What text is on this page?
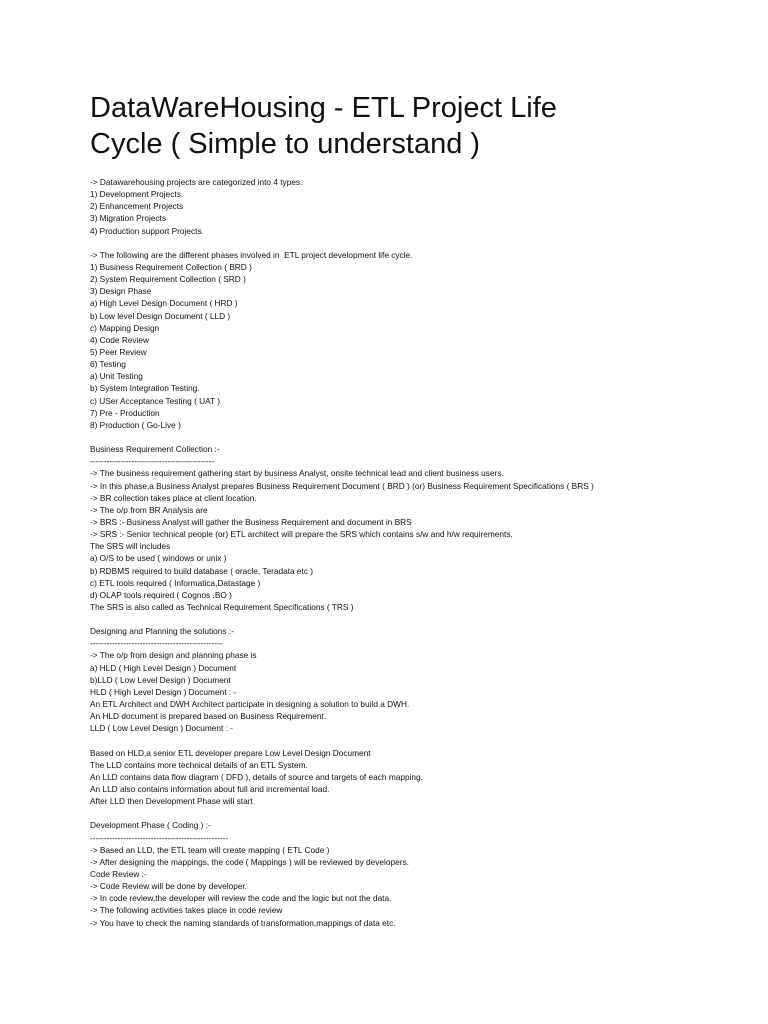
DataWareHousing - ETL Project Life
Cycle ( Simple to understand )
-> Datawarehousing projects are categorized into 4 types.
1) Development Projects.
2) Enhancement Projects
3) Migration Projects
4) Production support Projects.
-> The following are the different phases involved in  ETL project development life cycle.
1) Business Requirement Collection ( BRD )
2) System Requirement Collection ( SRD )
3) Design Phase
a) High Level Design Document ( HRD )
b) Low level Design Document ( LLD )
c) Mapping Design
4) Code Review
5) Peer Review
6) Testing
a) Unit Testing
b) System Integration Testing.
c) USer Acceptance Testing ( UAT )
7) Pre - Production
8) Production ( Go-Live )
Business Requirement Collection :-
---------------------------------------------
-> The business requirement gathering start by business Analyst, onsite technical lead and client business users.
-> In this phase,a Business Analyst prepares Business Requirement Document ( BRD ) (or) Business Requirement Specifications ( BRS )
-> BR collection takes place at client location.
-> The o/p from BR Analysis are
-> BRS :- Business Analyst will gather the Business Requirement and document in BRS
-> SRS :- Senior technical people (or) ETL architect will prepare the SRS which contains s/w and h/w requirements.
The SRS will includes
a) O/S to be used ( windows or unix )
b) RDBMS required to build database ( oracle, Teradata etc )
c) ETL tools required ( Informatica,Datastage )
d) OLAP tools required ( Cognos ,BO )
The SRS is also called as Technical Requirement Specifications ( TRS )
Designing and Planning the solutions :-
------------------------------------------------
-> The o/p from design and planning phase is
a) HLD ( High Level Design ) Document
b)LLD ( Low Level Design ) Document
HLD ( High Level Design ) Document : -
An ETL Architect and DWH Architect participate in designing a solution to build a DWH.
An HLD document is prepared based on Business Requirement.
LLD ( Low Level Design ) Document : -
Based on HLD,a senior ETL developer prepare Low Level Design Document
The LLD contains more technical details of an ETL System.
An LLD contains data flow diagram ( DFD ), details of source and targets of each mapping.
An LLD also contains information about full and incremental load.
After LLD then Development Phase will start
Development Phase ( Coding ) :-
--------------------------------------------------
-> Based an LLD, the ETL team will create mapping ( ETL Code )
-> After designing the mappings, the code ( Mappings ) will be reviewed by developers.
Code Review :-
-> Code Review will be done by developer.
-> In code review,the developer will review the code and the logic but not the data.
-> The following activities takes place in code review
-> You have to check the naming standards of transformation,mappings of data etc.
